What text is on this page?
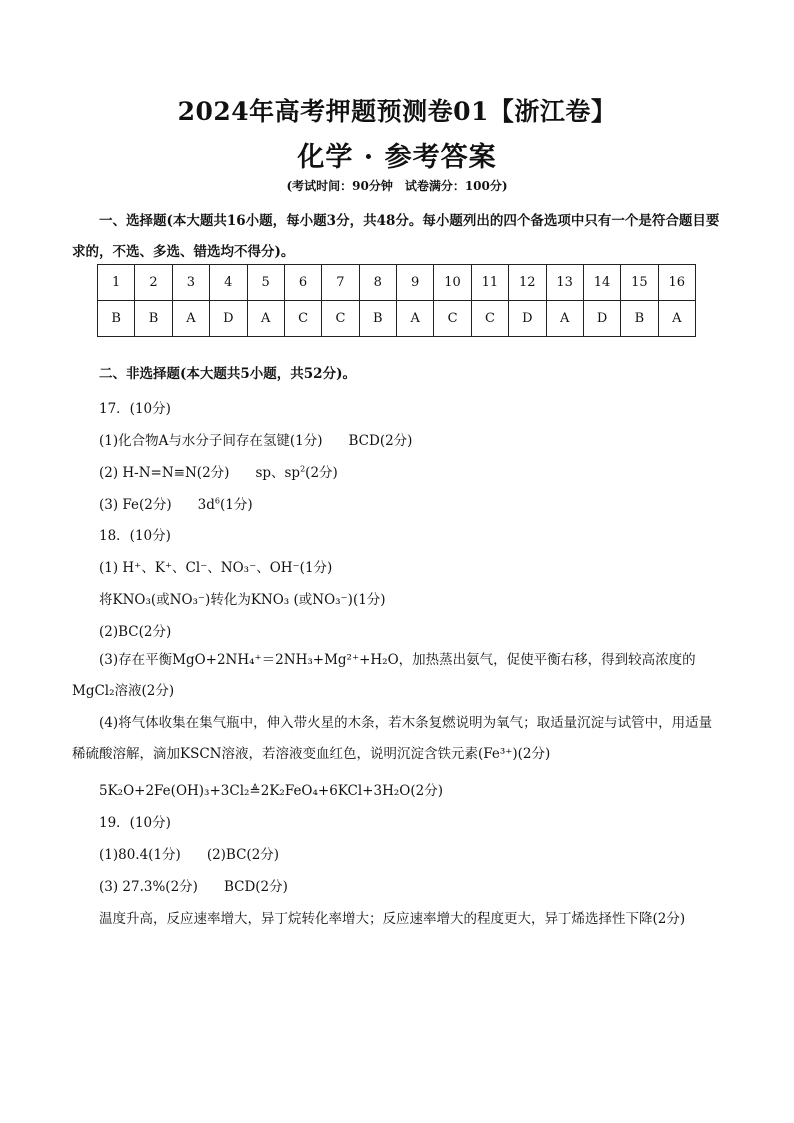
2024年高考押题预测卷01【浙江卷】
化学 · 参考答案
(考试时间：90分钟　试卷满分：100分)
一、选择题(本大题共16小题，每小题3分，共48分。每小题列出的四个备选项中只有一个是符合题目要求的，不选、多选、错选均不得分)。
1	2	3	4	5	6	7	8	9	10	11	12	13	14	15	16
B	B	A	D	A	C	C	B	A	C	C	D	A	D	B	A
二、非选择题(本大题共5小题，共52分)。
17．(10分)
(1)化合物A与水分子间存在氢键(1分) BCD(2分)
(2) H-N=N≡N(2分) sp、$sp^2(2$分)
(3) Fe(2分) $3d^6(1$分)
18．(10分)
(1) H⁺、K⁺、Cl⁻、NO₃⁻、OH⁻(1分)
将KNO₃(或NO₃⁻)转化为KNO₃ (或NO₃⁻)(1分)
(2)BC(2分)
(3)存在平衡MgO+2NH₄⁺＝2NH₃+Mg²⁺+H₂O，加热蒸出氨气，促使平衡右移，得到较高浓度的MgCl₂溶液(2分)
(4)将气体收集在集气瓶中，伸入带火星的木条，若木条复燃说明为氧气；取适量沉淀与试管中，用适量稀硫酸溶解，滴加KSCN溶液，若溶液变血红色，说明沉淀含铁元素(Fe³⁺)(2分)
5K₂O+2Fe(OH)₃+3Cl₂≜2K₂FeO₄+6KCl+3H₂O(2分)
19．(10分)
(1)80.4(1分) (2)BC(2分)
(3) 27.3%(2分) BCD(2分)
温度升高，反应速率增大，异丁烷转化率增大；反应速率增大的程度更大，异丁烯选择性下降(2分)
